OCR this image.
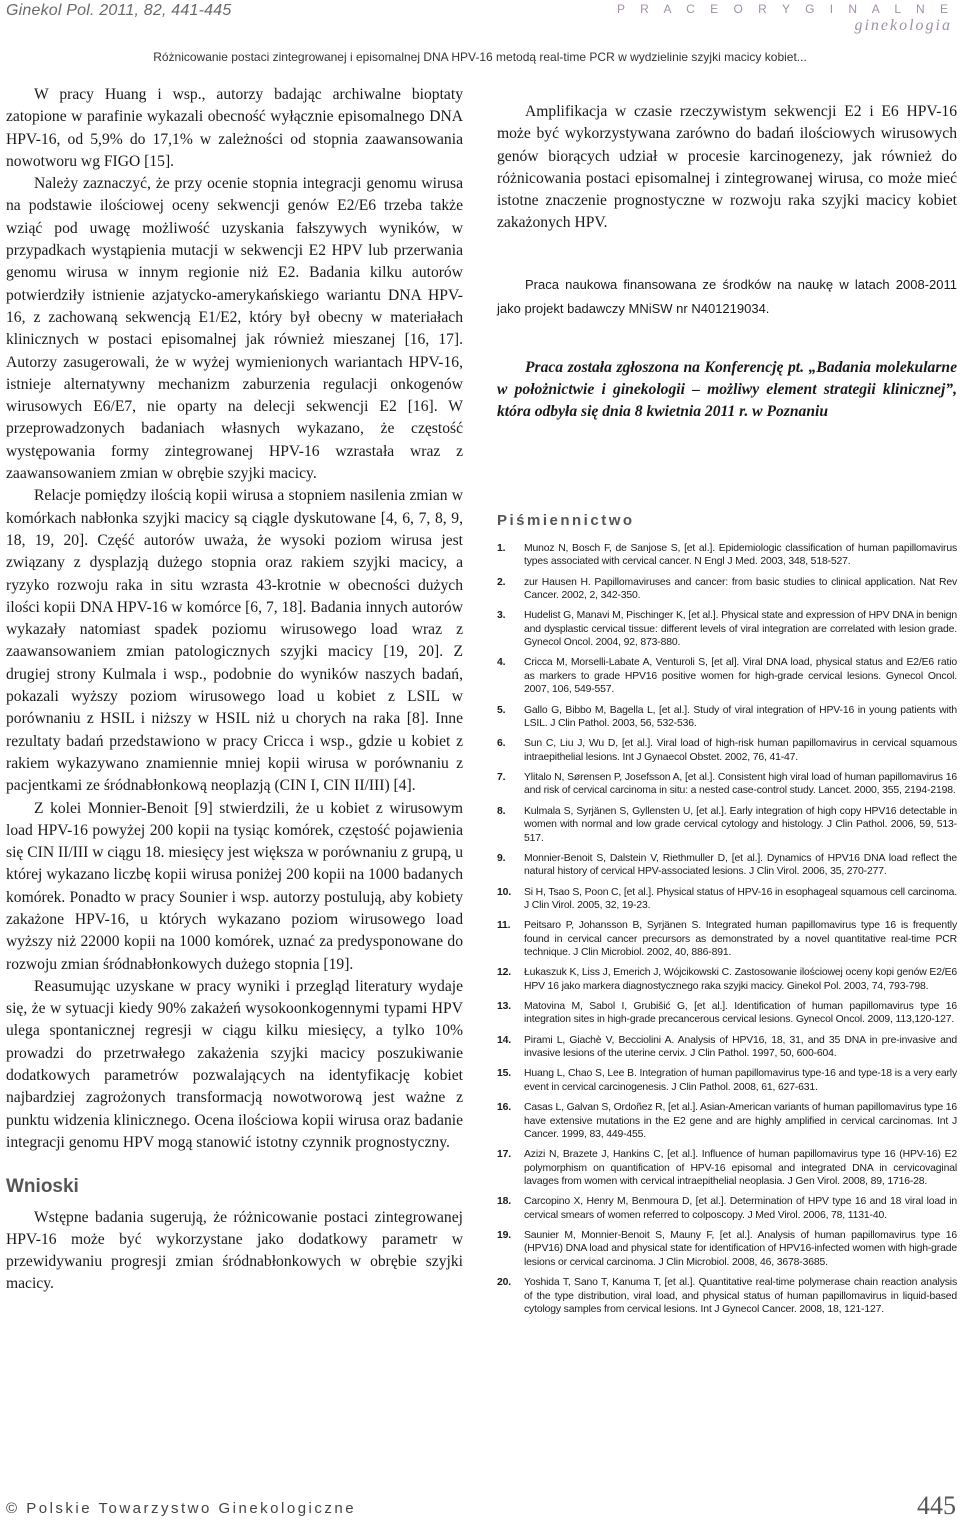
Ginekol Pol. 2011, 82, 441-445	P R A C E O R Y G I N A L N E
ginekologia
Różnicowanie postaci zintegrowanej i episomalnej DNA HPV-16 metodą real-time PCR w wydzielinie szyjki macicy kobiet...

W pracy Huang i wsp., autorzy badając archiwalne bioptaty zatopione w parafinie wykazali obecność wyłącznie episomalnego DNA HPV-16, od 5,9% do 17,1% w zależności od stopnia zaawansowania nowotworu wg FIGO [15].

Należy zaznaczyć, że przy ocenie stopnia integracji genomu wirusa na podstawie ilościowej oceny sekwencji genów E2/E6 trzeba także wziąć pod uwagę możliwość uzyskania fałszywych wyników, w przypadkach wystąpienia mutacji w sekwencji E2 HPV lub przerwania genomu wirusa w innym regionie niż E2. Badania kilku autorów potwierdziły istnienie azjatycko-amerykańskiego wariantu DNA HPV-16, z zachowaną sekwencją E1/E2, który był obecny w materiałach klinicznych w postaci episomalnej jak również mieszanej [16, 17]. Autorzy zasugerowali, że w wyżej wymienionych wariantach HPV-16, istnieje alternatywny mechanizm zaburzenia regulacji onkogenów wirusowych E6/E7, nie oparty na delecji sekwencji E2 [16]. W przeprowadzonych badaniach własnych wykazano, że częstość występowania formy zintegrowanej HPV-16 wzrastała wraz z zaawansowaniem zmian w obrębie szyjki macicy.

Relacje pomiędzy ilością kopii wirusa a stopniem nasilenia zmian w komórkach nabłonka szyjki macicy są ciągle dyskutowane [4, 6, 7, 8, 9, 18, 19, 20]. Część autorów uważa, że wysoki poziom wirusa jest związany z dysplazją dużego stopnia oraz rakiem szyjki macicy, a ryzyko rozwoju raka in situ wzrasta 43-krotnie w obecności dużych ilości kopii DNA HPV-16 w komórce [6, 7, 18]. Badania innych autorów wykazały natomiast spadek poziomu wirusowego load wraz z zaawansowaniem zmian patologicznych szyjki macicy [19, 20]. Z drugiej strony Kulmala i wsp., podobnie do wyników naszych badań, pokazali wyższy poziom wirusowego load u kobiet z LSIL w porównaniu z HSIL i niższy w HSIL niż u chorych na raka [8]. Inne rezultaty badań przedstawiono w pracy Cricca i wsp., gdzie u kobiet z rakiem wykazywano znamiennie mniej kopii wirusa w porównaniu z pacjentkami ze śródnabłonkową neoplazją (CIN I, CIN II/III) [4].

Z kolei Monnier-Benoit [9] stwierdzili, że u kobiet z wirusowym load HPV-16 powyżej 200 kopii na tysiąc komórek, częstość pojawienia się CIN II/III w ciągu 18. miesięcy jest większa w porównaniu z grupą, u której wykazano liczbę kopii wirusa poniżej 200 kopii na 1000 badanych komórek. Ponadto w pracy Sounier i wsp. autorzy postulują, aby kobiety zakażone HPV-16, u których wykazano poziom wirusowego load wyższy niż 22000 kopii na 1000 komórek, uznać za predysponowane do rozwoju zmian śródnabłonkowych dużego stopnia [19].

Reasumując uzyskane w pracy wyniki i przegląd literatury wydaje się, że w sytuacji kiedy 90% zakażeń wysokoonkogennymi typami HPV ulega spontanicznej regresji w ciągu kilku miesięcy, a tylko 10% prowadzi do przetrwałego zakażenia szyjki macicy poszukiwanie dodatkowych parametrów pozwalających na identyfikację kobiet najbardziej zagrożonych transformacją nowotworową jest ważne z punktu widzenia klinicznego. Ocena ilościowa kopii wirusa oraz badanie integracji genomu HPV mogą stanowić istotny czynnik prognostyczny.

Wnioski

Wstępne badania sugerują, że różnicowanie postaci zintegrowanej HPV-16 może być wykorzystane jako dodatkowy parametr w przewidywaniu progresji zmian śródnabłonkowych w obrębie szyjki macicy.

Amplifikacja w czasie rzeczywistym sekwencji E2 i E6 HPV-16 może być wykorzystywana zarówno do badań ilościowych wirusowych genów biorących udział w procesie karcinogenezy, jak również do różnicowania postaci episomalnej i zintegrowanej wirusa, co może mieć istotne znaczenie prognostyczne w rozwoju raka szyjki macicy kobiet zakażonych HPV.

Praca naukowa finansowana ze środków na naukę w latach 2008-2011 jako projekt badawczy MNiSW nr N401219034.

Praca została zgłoszona na Konferencję pt. „Badania molekularne w położnictwie i ginekologii – możliwy element strategii klinicznej”, która odbyła się dnia 8 kwietnia 2011 r. w Poznaniu

Piśmiennictwo
1. Munoz N, Bosch F, de Sanjose S, [et al.]. Epidemiologic classification of human papillomavirus types associated with cervical cancer. N Engl J Med. 2003, 348, 518-527.
2. zur Hausen H. Papillomaviruses and cancer: from basic studies to clinical application. Nat Rev Cancer. 2002, 2, 342-350.
3. Hudelist G, Manavi M, Pischinger K, [et al.]. Physical state and expression of HPV DNA in benign and dysplastic cervical tissue: different levels of viral integration are correlated with lesion grade. Gynecol Oncol. 2004, 92, 873-880.
4. Cricca M, Morselli-Labate A, Venturoli S, [et al]. Viral DNA load, physical status and E2/E6 ratio as markers to grade HPV16 positive women for high-grade cervical lesions. Gynecol Oncol. 2007, 106, 549-557.
5. Gallo G, Bibbo M, Bagella L, [et al.]. Study of viral integration of HPV-16 in young patients with LSIL. J Clin Pathol. 2003, 56, 532-536.
6. Sun C, Liu J, Wu D, [et al.]. Viral load of high-risk human papillomavirus in cervical squamous intraepithelial lesions. Int J Gynaecol Obstet. 2002, 76, 41-47.
7. Ylitalo N, Sørensen P, Josefsson A, [et al.]. Consistent high viral load of human papillomavirus 16 and risk of cervical carcinoma in situ: a nested case-control study. Lancet. 2000, 355, 2194-2198.
8. Kulmala S, Syrjänen S, Gyllensten U, [et al.]. Early integration of high copy HPV16 detectable in women with normal and low grade cervical cytology and histology. J Clin Pathol. 2006, 59, 513-517.
9. Monnier-Benoit S, Dalstein V, Riethmuller D, [et al.]. Dynamics of HPV16 DNA load reflect the natural history of cervical HPV-associated lesions. J Clin Virol. 2006, 35, 270-277.
10. Si H, Tsao S, Poon C, [et al.]. Physical status of HPV-16 in esophageal squamous cell carcinoma. J Clin Virol. 2005, 32, 19-23.
11. Peitsaro P, Johansson B, Syrjänen S. Integrated human papillomavirus type 16 is frequently found in cervical cancer precursors as demonstrated by a novel quantitative real-time PCR technique. J Clin Microbiol. 2002, 40, 886-891.
12. Łukaszuk K, Liss J, Emerich J, Wójcikowski C. Zastosowanie ilościowej oceny kopi genów E2/E6 HPV 16 jako markera diagnostycznego raka szyjki macicy. Ginekol Pol. 2003, 74, 793-798.
13. Matovina M, Sabol I, Grubišić G, [et al.]. Identification of human papillomavirus type 16 integration sites in high-grade precancerous cervical lesions. Gynecol Oncol. 2009, 113,120-127.
14. Pirami L, Giachè V, Becciolini A. Analysis of HPV16, 18, 31, and 35 DNA in pre-invasive and invasive lesions of the uterine cervix. J Clin Pathol. 1997, 50, 600-604.
15. Huang L, Chao S, Lee B. Integration of human papillomavirus type-16 and type-18 is a very early event in cervical carcinogenesis. J Clin Pathol. 2008, 61, 627-631.
16. Casas L, Galvan S, Ordoñez R, [et al.]. Asian-American variants of human papillomavirus type 16 have extensive mutations in the E2 gene and are highly amplified in cervical carcinomas. Int J Cancer. 1999, 83, 449-455.
17. Azizi N, Brazete J, Hankins C, [et al.]. Influence of human papillomavirus type 16 (HPV-16) E2 polymorphism on quantification of HPV-16 episomal and integrated DNA in cervicovaginal lavages from women with cervical intraepithelial neoplasia. J Gen Virol. 2008, 89, 1716-28.
18. Carcopino X, Henry M, Benmoura D, [et al.]. Determination of HPV type 16 and 18 viral load in cervical smears of women referred to colposcopy. J Med Virol. 2006, 78, 1131-40.
19. Saunier M, Monnier-Benoit S, Mauny F, [et al.]. Analysis of human papillomavirus type 16 (HPV16) DNA load and physical state for identification of HPV16-infected women with high-grade lesions or cervical carcinoma. J Clin Microbiol. 2008, 46, 3678-3685.
20. Yoshida T, Sano T, Kanuma T, [et al.]. Quantitative real-time polymerase chain reaction analysis of the type distribution, viral load, and physical status of human papillomavirus in liquid-based cytology samples from cervical lesions. Int J Gynecol Cancer. 2008, 18, 121-127.
© Polskie Towarzystwo Ginekologiczne	445
